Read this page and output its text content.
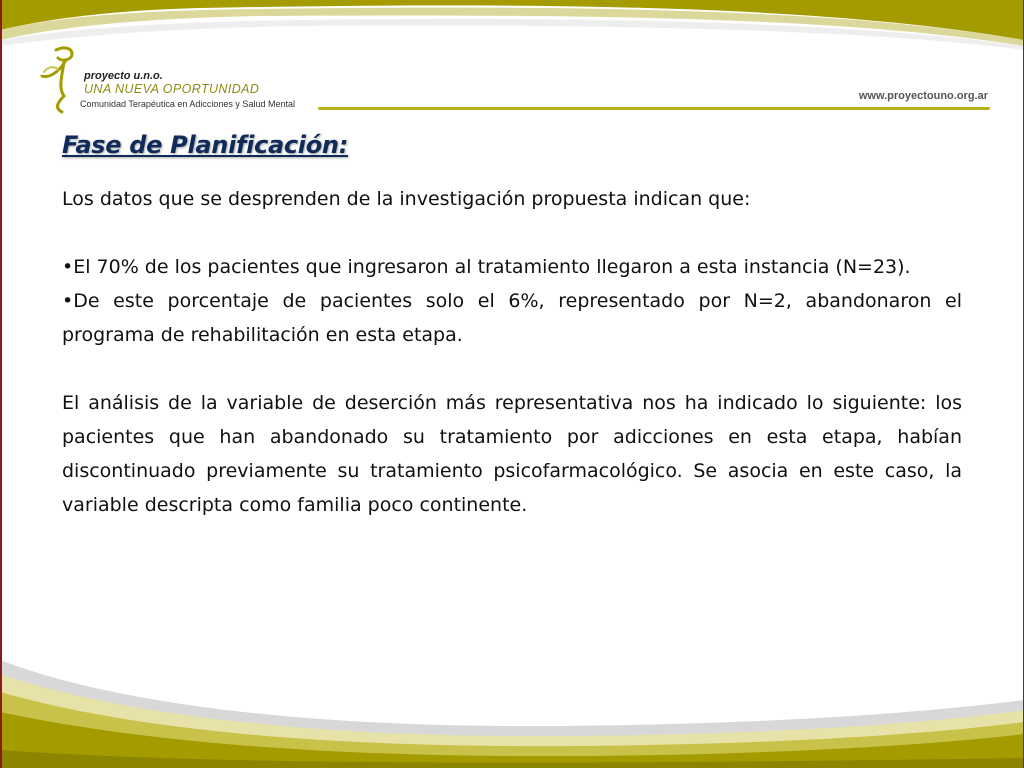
proyecto u.n.o.
UNA NUEVA OPORTUNIDAD
Comunidad Terapéutica en Adicciones y Salud Mental
www.proyectouno.org.ar
Fase de Planificación:

Los datos que se desprenden de la investigación propuesta indican que:

•El 70% de los pacientes que ingresaron al tratamiento llegaron a esta instancia (N=23).

•De este porcentaje de pacientes solo el 6%, representado por N=2, abandonaron el programa de rehabilitación en esta etapa.

El análisis de la variable de deserción más representativa nos ha indicado lo siguiente: los pacientes que han abandonado su tratamiento por adicciones en esta etapa, habían discontinuado previamente su tratamiento psicofarmacológico. Se asocia en este caso, la variable descripta como familia poco continente.
